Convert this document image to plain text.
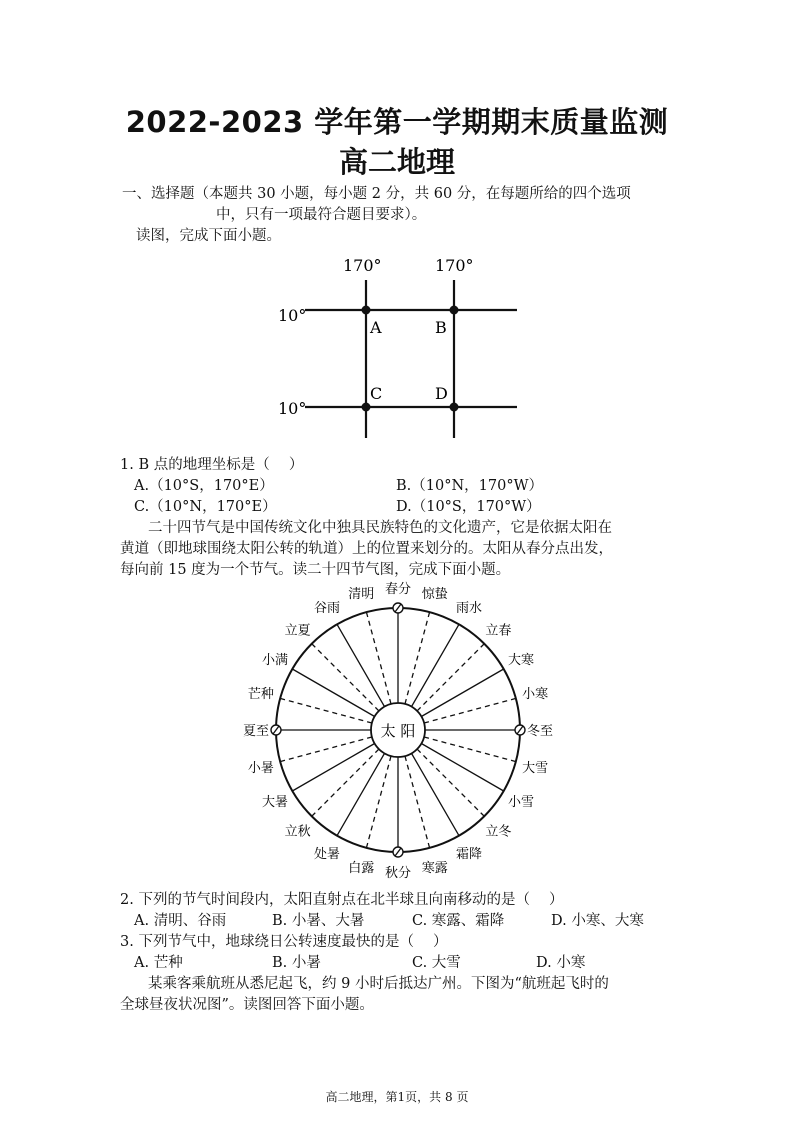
2022-2023 学年第一学期期末质量监测
高二地理
一、选择题（本题共 30 小题，每小题 2 分，共 60 分，在每题所给的四个选项
中，只有一项最符合题目要求）。
读图，完成下面小题。
170°	170°
10°
10°
A	B
C	D
1. B 点的地理坐标是（　 ）
A.（10°S，170°E）	B.（10°N，170°W）
C.（10°N，170°E）	D.（10°S，170°W）
二十四节气是中国传统文化中独具民族特色的文化遗产，它是依据太阳在
黄道（即地球围绕太阳公转的轨道）上的位置来划分的。太阳从春分点出发，
每向前 15 度为一个节气。读二十四节气图，完成下面小题。
太 阳
春分 惊蛰
雨水
立春
大寒
小寒
冬至
大雪
小雪
立冬
霜降
寒露
秋分
白露
处暑
立秋
大暑
小暑
夏至
芒种
小满
立夏
谷雨
清明
2. 下列的节气时间段内，太阳直射点在北半球且向南移动的是（　 ）
A. 清明、谷雨	B. 小暑、大暑	C. 寒露、霜降	D. 小寒、大寒
3. 下列节气中，地球绕日公转速度最快的是（　 ）
A. 芒种	B. 小暑	C. 大雪	D. 小寒
某乘客乘航班从悉尼起飞，约 9 小时后抵达广州。下图为“航班起飞时的
全球昼夜状况图”。读图回答下面小题。
高二地理，第1页，共 8 页
